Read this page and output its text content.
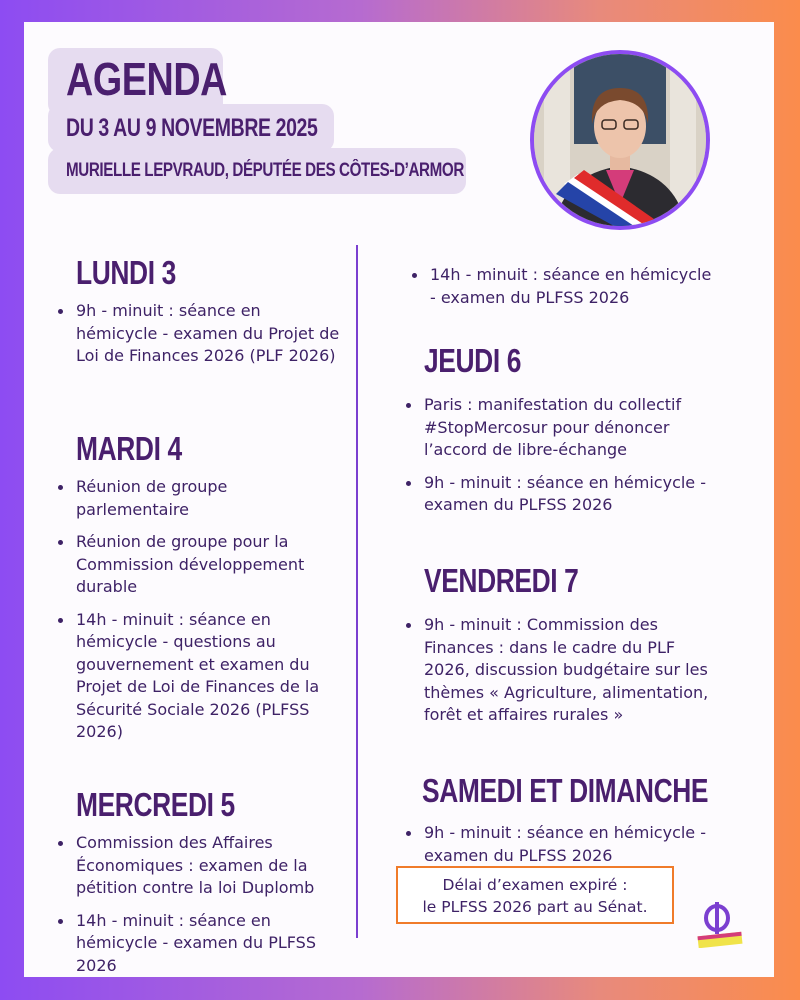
AGENDA
DU 3 AU 9 NOVEMBRE 2025
MURIELLE LEPVRAUD, DÉPUTÉE DES CÔTES-D’ARMOR
LUNDI 3
9h - minuit : séance en hémicycle - examen du Projet de Loi de Finances 2026 (PLF 2026)
MARDI 4
Réunion de groupe parlementaire
Réunion de groupe pour la Commission développement durable
14h - minuit : séance en hémicycle - questions au gouvernement et examen du Projet de Loi de Finances de la Sécurité Sociale 2026 (PLFSS 2026)
MERCREDI 5
Commission des Affaires Économiques : examen de la pétition contre la loi Duplomb
14h - minuit : séance en hémicycle - examen du PLFSS 2026
14h - minuit : séance en hémicycle - examen du PLFSS 2026
JEUDI 6
Paris : manifestation du collectif #StopMercosur pour dénoncer l’accord de libre-échange
9h - minuit : séance en hémicycle - examen du PLFSS 2026
VENDREDI 7
9h - minuit : Commission des Finances : dans le cadre du PLF 2026, discussion budgétaire sur les thèmes « Agriculture, alimentation, forêt et affaires rurales »
SAMEDI ET DIMANCHE
9h - minuit : séance en hémicycle - examen du PLFSS 2026
Délai d’examen expiré :
le PLFSS 2026 part au Sénat.
